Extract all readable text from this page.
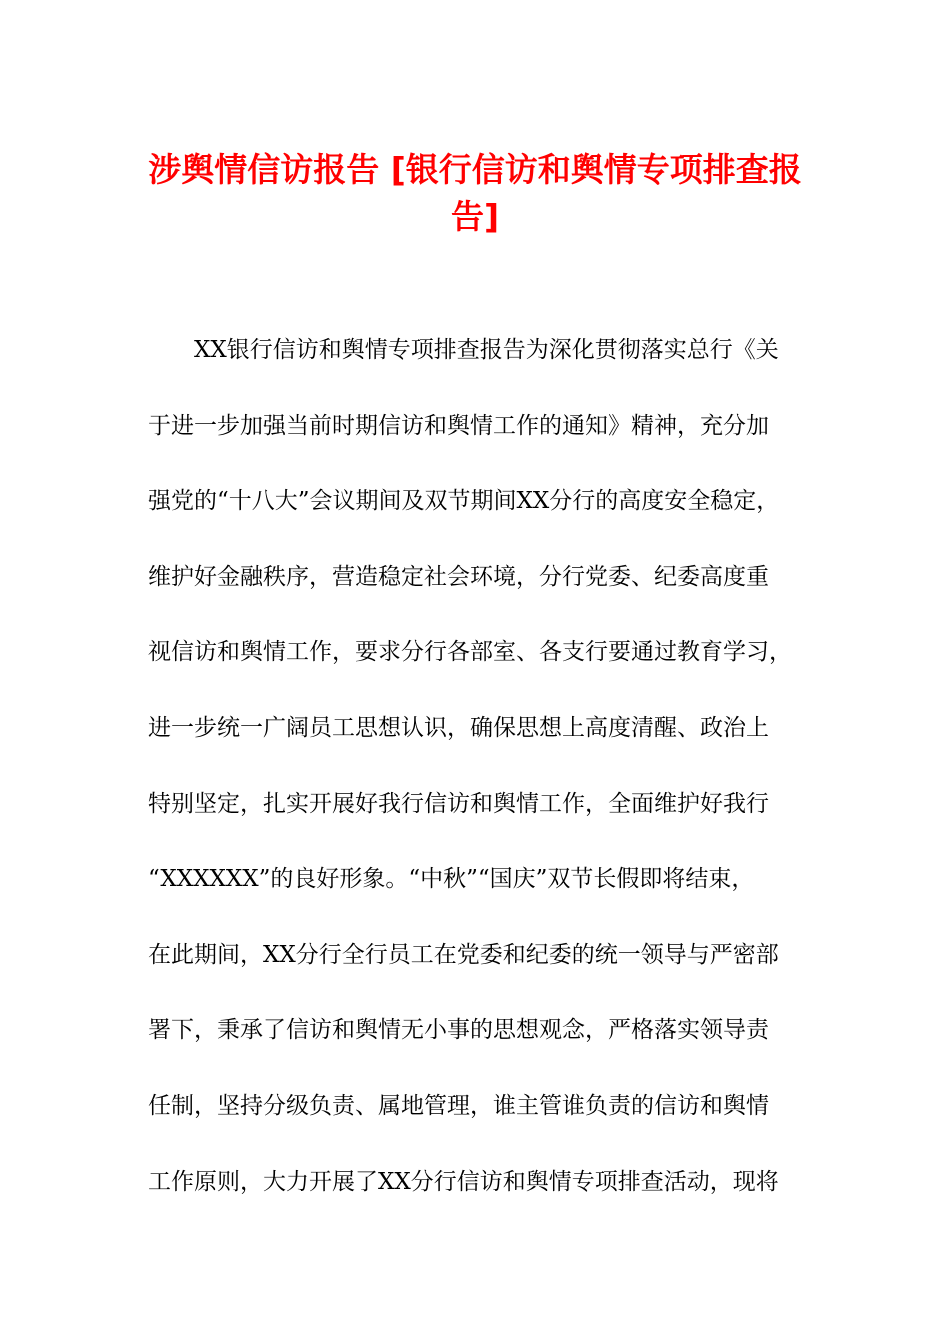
涉舆情信访报告 [银行信访和舆情专项排查报
告]
XX银行信访和舆情专项排查报告为深化贯彻落实总行《关
于进一步加强当前时期信访和舆情工作的通知》精神，充分加
强党的“十八大”会议期间及双节期间XX分行的高度安全稳定，
维护好金融秩序，营造稳定社会环境，分行党委、纪委高度重
视信访和舆情工作，要求分行各部室、各支行要通过教育学习，
进一步统一广阔员工思想认识，确保思想上高度清醒、政治上
特别坚定，扎实开展好我行信访和舆情工作，全面维护好我行
“XXXXXX”的良好形象。“中秋”“国庆”双节长假即将结束，
在此期间，XX分行全行员工在党委和纪委的统一领导与严密部
署下，秉承了信访和舆情无小事的思想观念，严格落实领导责
任制，坚持分级负责、属地管理，谁主管谁负责的信访和舆情
工作原则，大力开展了XX分行信访和舆情专项排查活动，现将
